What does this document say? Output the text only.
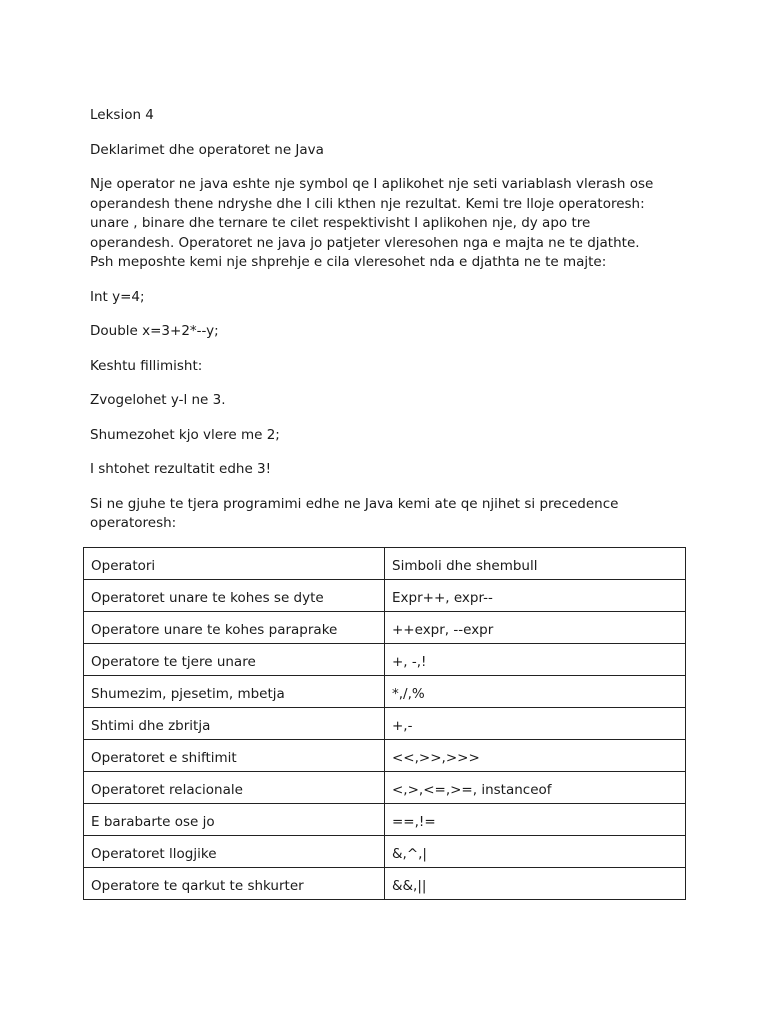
Leksion 4

Deklarimet dhe operatoret ne Java

Nje operator ne java eshte nje symbol qe I aplikohet nje seti variablash vlerash ose
operandesh thene ndryshe dhe I cili kthen nje rezultat. Kemi tre lloje operatoresh:
unare , binare dhe ternare te cilet respektivisht I aplikohen nje, dy apo tre
operandesh. Operatoret ne java jo patjeter vleresohen nga e majta ne te djathte.
Psh meposhte kemi nje shprehje e cila vleresohet nda e djathta ne te majte:

Int y=4;

Double x=3+2*--y;

Keshtu fillimisht:

Zvogelohet y-l ne 3.

Shumezohet kjo vlere me 2;

I shtohet rezultatit edhe 3!

Si ne gjuhe te tjera programimi edhe ne Java kemi ate qe njihet si precedence
operatoresh:

Operatori	Simboli dhe shembull
Operatoret unare te kohes se dyte	Expr++, expr--
Operatore unare te kohes paraprake	++expr, --expr
Operatore te tjere unare	+, -,!
Shumezim, pjesetim, mbetja	*,/,%
Shtimi dhe zbritja	+,-
Operatoret e shiftimit	<<,>>,>>>
Operatoret relacionale	<,>,<=,>=, instanceof
E barabarte ose jo	==,!=
Operatoret llogjike	&,^,|
Operatore te qarkut te shkurter	&&,||
